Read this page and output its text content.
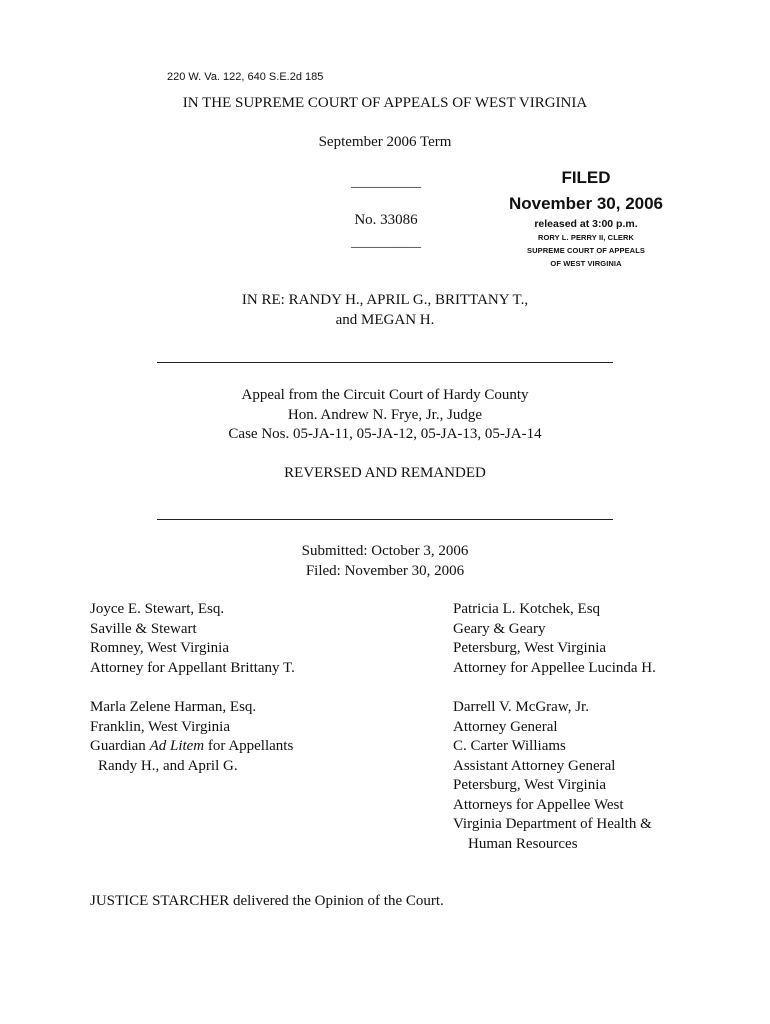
220 W. Va. 122, 640 S.E.2d 185
IN THE SUPREME COURT OF APPEALS OF WEST VIRGINIA
September 2006 Term
__________
No. 33086
__________
FILED
November 30, 2006
released at 3:00 p.m.
RORY L. PERRY II, CLERK
SUPREME COURT OF APPEALS
OF WEST VIRGINIA
IN RE: RANDY H., APRIL G., BRITTANY T.,
and MEGAN H.
Appeal from the Circuit Court of Hardy County
Hon. Andrew N. Frye, Jr., Judge
Case Nos. 05-JA-11, 05-JA-12, 05-JA-13, 05-JA-14
REVERSED AND REMANDED
Submitted: October 3, 2006
Filed: November 30, 2006
Joyce E. Stewart, Esq.
Saville & Stewart
Romney, West Virginia
Attorney for Appellant Brittany T.
Marla Zelene Harman, Esq.
Franklin, West Virginia
Guardian Ad Litem for Appellants
Randy H., and April G.
Patricia L. Kotchek, Esq
Geary & Geary
Petersburg, West Virginia
Attorney for Appellee Lucinda H.
Darrell V. McGraw, Jr.
Attorney General
C. Carter Williams
Assistant Attorney General
Petersburg, West Virginia
Attorneys for Appellee West
Virginia Department of Health &
Human Resources
JUSTICE STARCHER delivered the Opinion of the Court.
